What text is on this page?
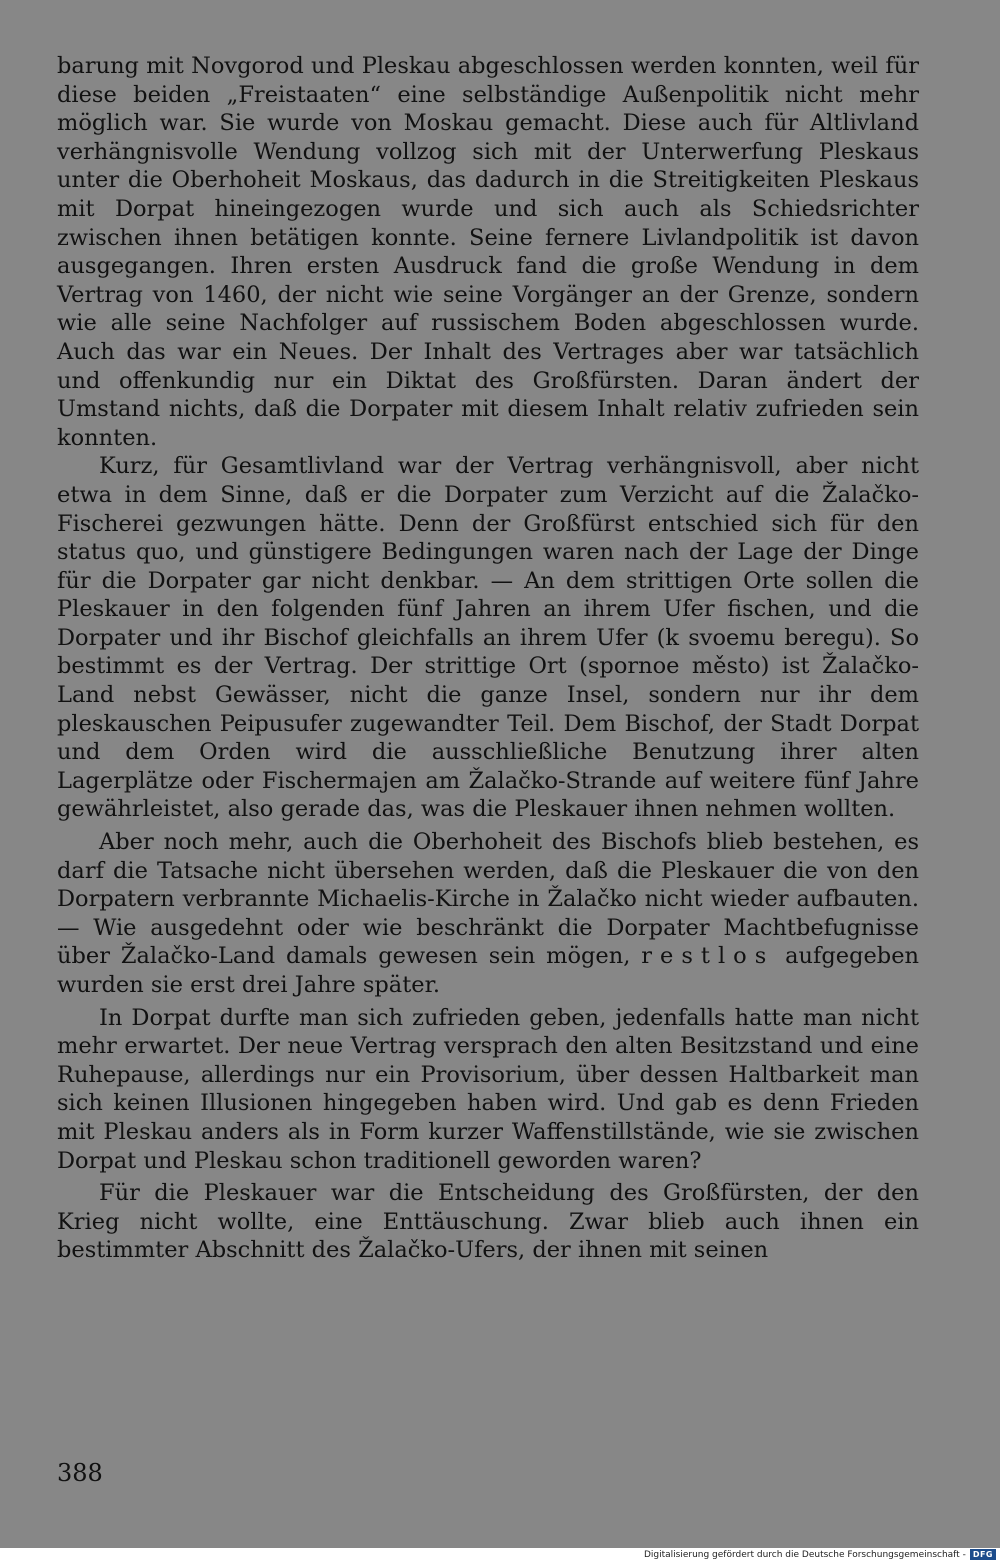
barung mit Novgorod und Pleskau abgeschlossen werden konnten, weil für diese beiden „Freistaaten“ eine selbständige Außenpolitik nicht mehr möglich war. Sie wurde von Moskau gemacht. Diese auch für Altlivland verhängnisvolle Wendung vollzog sich mit der Unterwerfung Pleskaus unter die Oberhoheit Moskaus, das dadurch in die Streitigkeiten Pleskaus mit Dorpat hineingezogen wurde und sich auch als Schiedsrichter zwischen ihnen betätigen konnte. Seine fernere Livlandpolitik ist davon ausgegangen. Ihren ersten Ausdruck fand die große Wendung in dem Vertrag von 1460, der nicht wie seine Vorgänger an der Grenze, sondern wie alle seine Nachfolger auf russischem Boden abgeschlossen wurde. Auch das war ein Neues. Der Inhalt des Vertrages aber war tatsächlich und offenkundig nur ein Diktat des Großfürsten. Daran ändert der Umstand nichts, daß die Dorpater mit diesem Inhalt relativ zufrieden sein konnten.

Kurz, für Gesamtlivland war der Vertrag verhängnisvoll, aber nicht etwa in dem Sinne, daß er die Dorpater zum Verzicht auf die Žalačko-Fischerei gezwungen hätte. Denn der Großfürst entschied sich für den status quo, und günstigere Bedingungen waren nach der Lage der Dinge für die Dorpater gar nicht denkbar. — An dem strittigen Orte sollen die Pleskauer in den folgenden fünf Jahren an ihrem Ufer fischen, und die Dorpater und ihr Bischof gleichfalls an ihrem Ufer (k svoemu beregu). So bestimmt es der Vertrag. Der strittige Ort (spornoe město) ist Žalačko-Land nebst Gewässer, nicht die ganze Insel, sondern nur ihr dem pleskauschen Peipusufer zugewandter Teil. Dem Bischof, der Stadt Dorpat und dem Orden wird die ausschließliche Benutzung ihrer alten Lagerplätze oder Fischermajen am Žalačko-Strande auf weitere fünf Jahre gewährleistet, also gerade das, was die Pleskauer ihnen nehmen wollten.

Aber noch mehr, auch die Oberhoheit des Bischofs blieb bestehen, es darf die Tatsache nicht übersehen werden, daß die Pleskauer die von den Dorpatern verbrannte Michaelis-Kirche in Žalačko nicht wieder aufbauten. — Wie ausgedehnt oder wie beschränkt die Dorpater Machtbefugnisse über Žalačko-Land damals gewesen sein mögen, restlos aufgegeben wurden sie erst drei Jahre später.

In Dorpat durfte man sich zufrieden geben, jedenfalls hatte man nicht mehr erwartet. Der neue Vertrag versprach den alten Besitzstand und eine Ruhepause, allerdings nur ein Provisorium, über dessen Haltbarkeit man sich keinen Illusionen hingegeben haben wird. Und gab es denn Frieden mit Pleskau anders als in Form kurzer Waffenstillstände, wie sie zwischen Dorpat und Pleskau schon traditionell geworden waren?

Für die Pleskauer war die Entscheidung des Großfürsten, der den Krieg nicht wollte, eine Enttäuschung. Zwar blieb auch ihnen ein bestimmter Abschnitt des Žalačko-Ufers, der ihnen mit seinen

388
Digitalisierung gefördert durch die Deutsche Forschungsgemeinschaft - DFG
